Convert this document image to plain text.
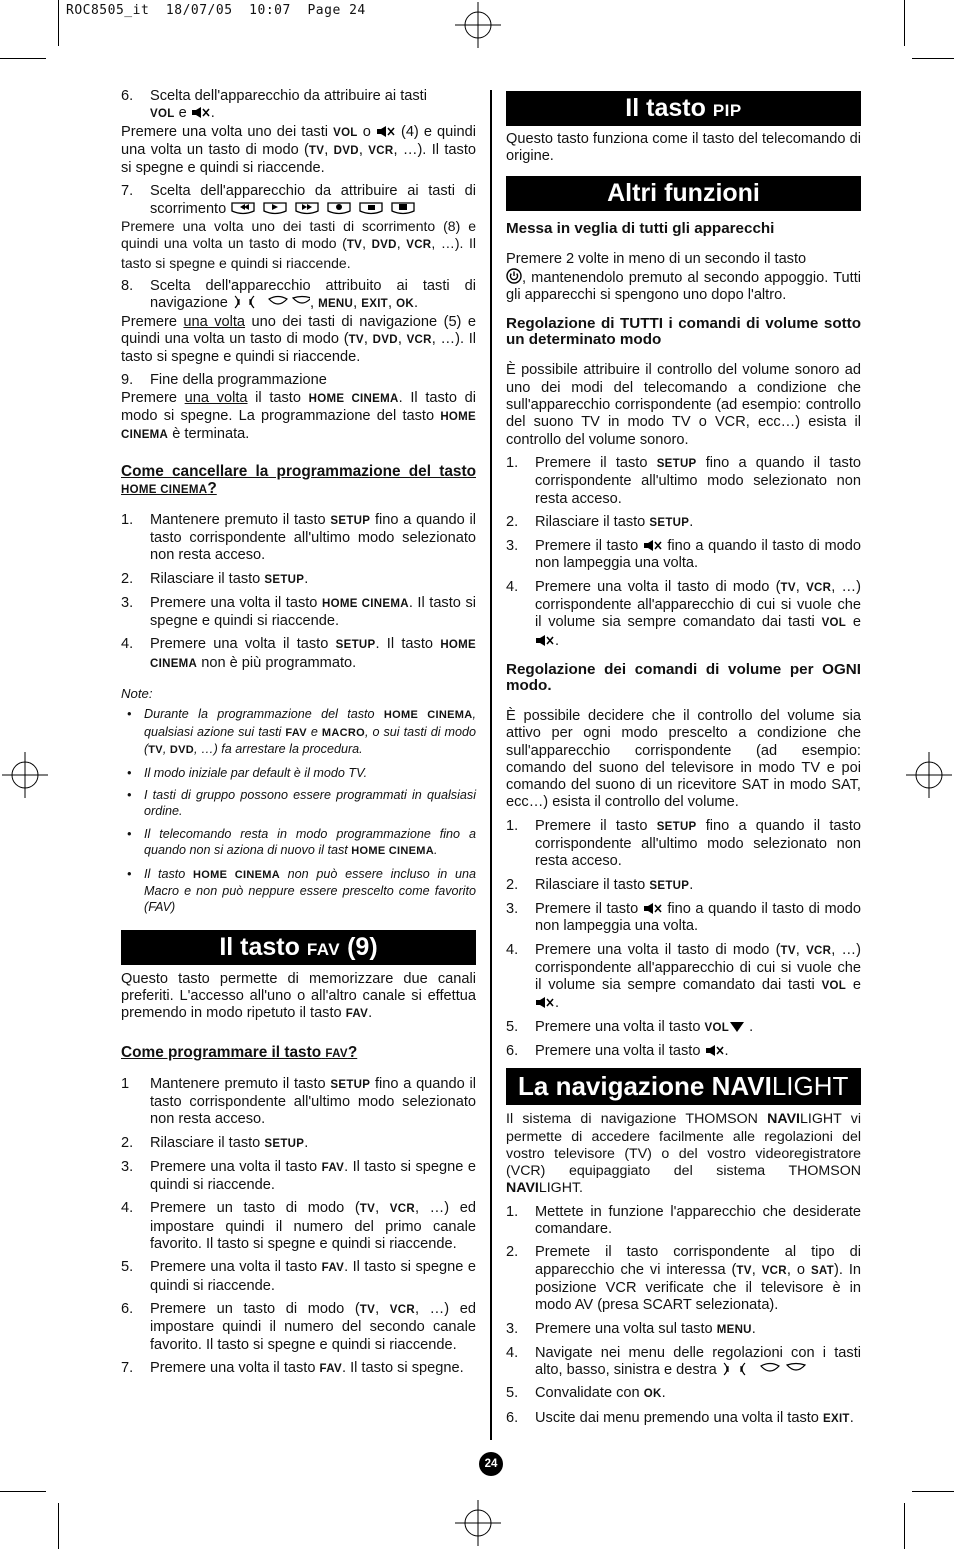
ROC8505_it  18/07/05  10:07  Page 24
6.	Scelta dell'apparecchio da attribuire ai tasti
VOL e .

Premere una volta uno dei tasti VOL o (4) e quindi una volta un tasto di modo (TV, DVD, VCR, …). Il tasto si spegne e quindi si riaccende.

7.	Scelta dell'apparecchio da attribuire ai tasti di scorrimento

Premere una volta uno dei tasti di scorrimento (8) e quindi una volta un tasto di modo (TV, DVD, VCR, …). Il tasto si spegne e quindi si riaccende.

8.	Scelta dell'apparecchio attribuito ai tasti di navigazione	, MENU, EXIT, OK.

Premere una volta uno dei tasti di navigazione (5) e quindi una volta un tasto di modo (TV, DVD, VCR, …). Il tasto si spegne e quindi si riaccende.

9.	Fine della programmazione

Premere una volta il tasto HOME CINEMA. Il tasto di modo si spegne. La programmazione del tasto HOME CINEMA è terminata.

Come cancellare la programmazione del tasto HOME CINEMA?

1.	Mantenere premuto il tasto SETUP fino a quando il tasto corrispondente all'ultimo modo selezionato non resta acceso.
2.	Rilasciare il tasto SETUP.
3.	Premere una volta il tasto HOME CINEMA. Il tasto si spegne e quindi si riaccende.
4.	Premere una volta il tasto SETUP. Il tasto HOME CINEMA non è più programmato.

Note:

• Durante la programmazione del tasto HOME CINEMA, qualsiasi azione sui tasti FAV e MACRO, o sui tasti di modo (TV, DVD, …) fa arrestare la procedura.
• Il modo iniziale par default è il modo TV.
• I tasti di gruppo possono essere programmati in qualsiasi ordine.
• Il telecomando resta in modo programmazione fino a quando non si aziona di nuovo il tast HOME CINEMA.
• Il tasto HOME CINEMA non può essere incluso in una Macro e non può neppure essere prescelto come favorito (FAV)
Il tasto FAV (9)

Questo tasto permette di memorizzare due canali preferiti. L'accesso all'uno o all'altro canale si effettua premendo in modo ripetuto il tasto FAV.

Come programmare il tasto FAV?

1	Mantenere premuto il tasto SETUP fino a quando il tasto corrispondente all'ultimo modo selezionato non resta acceso.
2.	Rilasciare il tasto SETUP.
3.	Premere una volta il tasto FAV. Il tasto si spegne e quindi si riaccende.
4.	Premere un tasto di modo (TV, VCR, …) ed impostare quindi il numero del primo canale favorito. Il tasto si spegne e quindi si riaccende.
5.	Premere una volta il tasto FAV. Il tasto si spegne e quindi si riaccende.
6.	Premere un tasto di modo (TV, VCR, …) ed impostare quindi il numero del secondo canale favorito. Il tasto si spegne e quindi si riaccende.
7.	Premere una volta il tasto FAV. Il tasto si spegne.
Il tasto PIP

Questo tasto funziona come il tasto del telecomando di origine.

Altri funzioni

Messa in veglia di tutti gli apparecchi

Premere 2 volte in meno di un secondo il tasto
, mantenendolo premuto al secondo appoggio. Tutti gli apparecchi si spengono uno dopo l'altro.

Regolazione di TUTTI i comandi di volume sotto un determinato modo

È possibile attribuire il controllo del volume sonoro ad uno dei modi del telecomando a condizione che sull'apparecchio corrispondente (ad esempio: controllo del suono TV in modo TV o VCR, ecc…) esista il controllo del volume sonoro.

1.	Premere il tasto SETUP fino a quando il tasto corrispondente all'ultimo modo selezionato non resta acceso.
2.	Rilasciare il tasto SETUP.
3.	Premere il tasto fino a quando il tasto di modo non lampeggia una volta.
4.	Premere una volta il tasto di modo (TV, VCR, …) corrispondente all'apparecchio di cui si vuole che il volume sia sempre comandato dai tasti VOL e .

Regolazione dei comandi di volume per OGNI modo.

È possibile decidere che il controllo del volume sia attivo per ogni modo prescelto a condizione che sull'apparecchio corrispondente (ad esempio: comando del suono del televisore in modo TV e poi comando del suono di un ricevitore SAT in modo SAT, ecc…) esista il controllo del volume.

1.	Premere il tasto SETUP fino a quando il tasto corrispondente all'ultimo modo selezionato non resta acceso.
2.	Rilasciare il tasto SETUP.
3.	Premere il tasto fino a quando il tasto di modo non lampeggia una volta.
4.	Premere una volta il tasto di modo (TV, VCR, …) corrispondente all'apparecchio di cui si vuole che il volume sia sempre comandato dai tasti VOL e .
5.	Premere una volta il tasto VOL .
6.	Premere una volta il tasto .
La navigazione NAVILIGHT

Il sistema di navigazione THOMSON NAVILIGHT vi permette di accedere facilmente alle regolazioni del vostro televisore (TV) o del vostro videoregistratore (VCR) equipaggiato del sistema THOMSON NAVILIGHT.

1.	Mettete in funzione l'apparecchio che desiderate comandare.
2.	Premete il tasto corrispondente al tipo di apparecchio che vi interessa (TV, VCR, o SAT). In posizione VCR verificate che il televisore è in modo AV (presa SCART selezionata).
3.	Premere una volta sul tasto MENU.
4.	Navigate nei menu delle regolazioni con i tasti alto, basso, sinistra e destra
5.	Convalidate con OK.
6.	Uscite dai menu premendo una volta il tasto EXIT.
24
